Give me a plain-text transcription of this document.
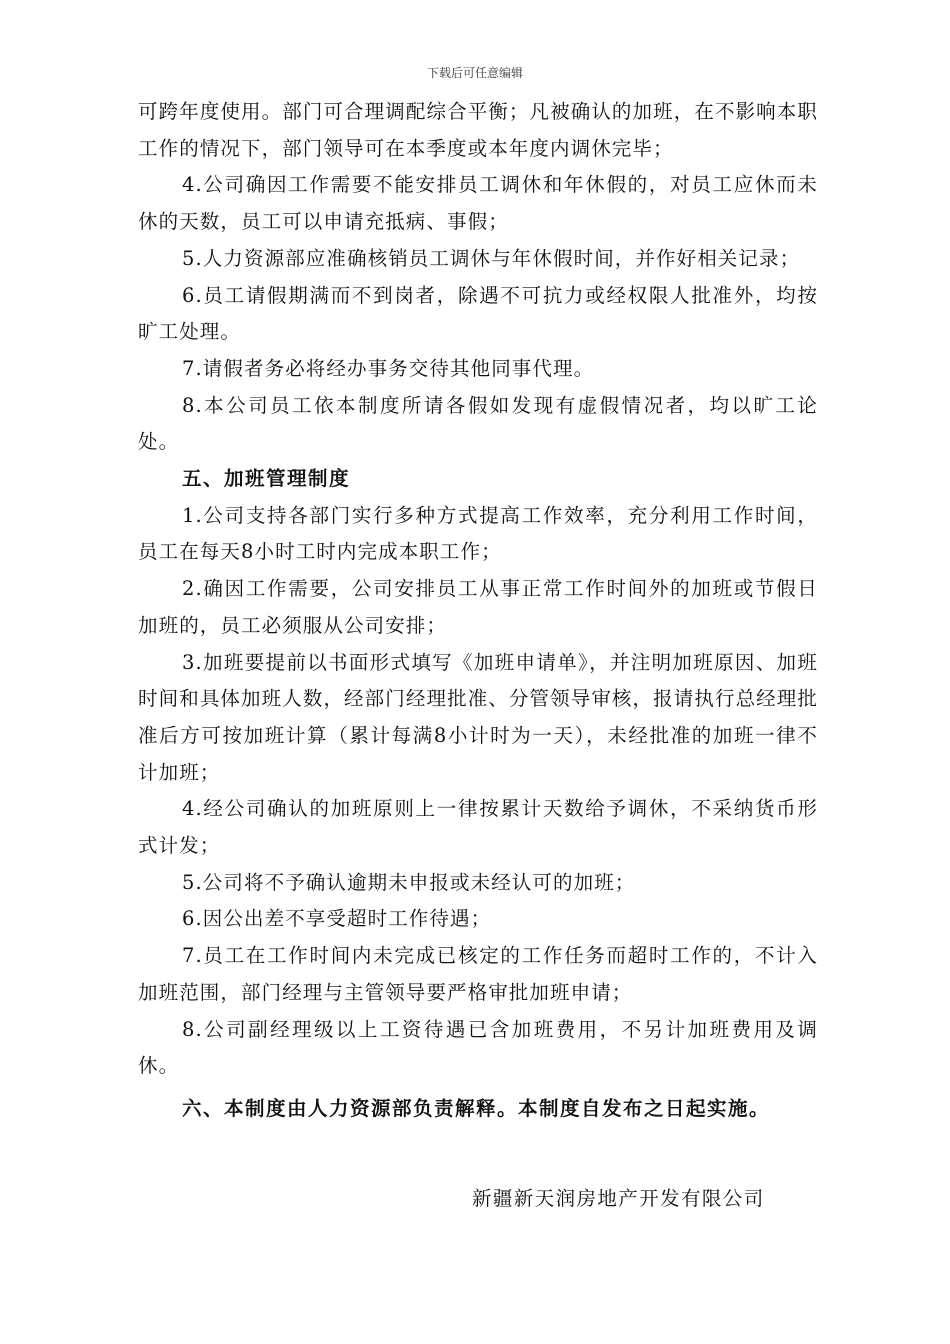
下载后可任意编辑

可跨年度使用。部门可合理调配综合平衡；凡被确认的加班，在不影响本职工作的情况下，部门领导可在本季度或本年度内调休完毕；

4.公司确因工作需要不能安排员工调休和年休假的，对员工应休而未休的天数，员工可以申请充抵病、事假；

5.人力资源部应准确核销员工调休与年休假时间，并作好相关记录；

6.员工请假期满而不到岗者，除遇不可抗力或经权限人批准外，均按旷工处理。

7.请假者务必将经办事务交待其他同事代理。

8.本公司员工依本制度所请各假如发现有虚假情况者，均以旷工论处。

五、加班管理制度

1.公司支持各部门实行多种方式提高工作效率，充分利用工作时间，员工在每天8小时工时内完成本职工作；

2.确因工作需要，公司安排员工从事正常工作时间外的加班或节假日加班的，员工必须服从公司安排；

3.加班要提前以书面形式填写《加班申请单》，并注明加班原因、加班时间和具体加班人数，经部门经理批准、分管领导审核，报请执行总经理批准后方可按加班计算（累计每满8小计时为一天），未经批准的加班一律不计加班；

4.经公司确认的加班原则上一律按累计天数给予调休，不采纳货币形式计发；

5.公司将不予确认逾期未申报或未经认可的加班；

6.因公出差不享受超时工作待遇；

7.员工在工作时间内未完成已核定的工作任务而超时工作的，不计入加班范围，部门经理与主管领导要严格审批加班申请；

8.公司副经理级以上工资待遇已含加班费用，不另计加班费用及调休。

六、本制度由人力资源部负责解释。本制度自发布之日起实施。

新疆新天润房地产开发有限公司
